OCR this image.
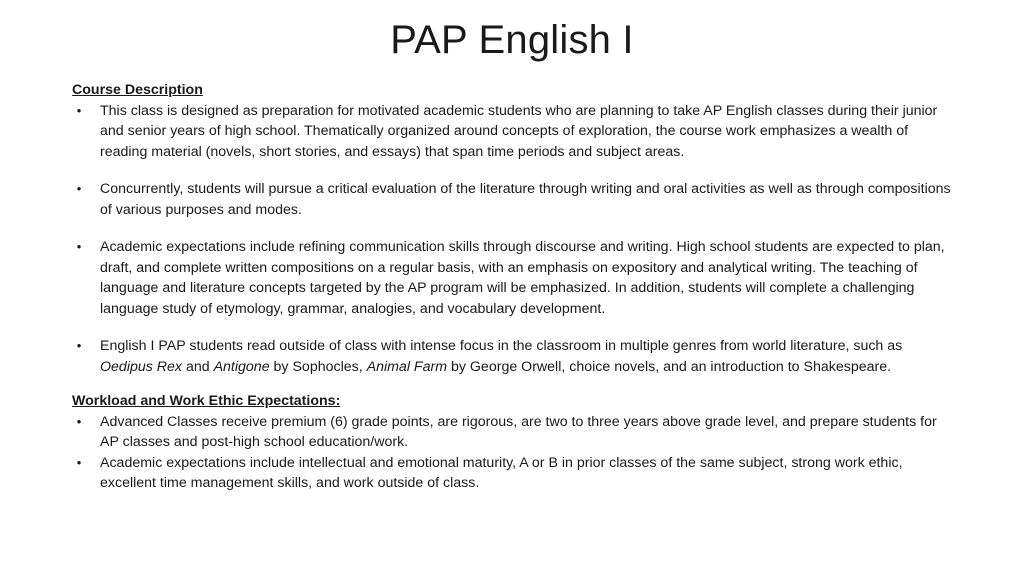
PAP English I
Course Description
•	This class is designed as preparation for motivated academic students who are planning to take AP English classes during their junior and senior years of high school. Thematically organized around concepts of exploration, the course work emphasizes a wealth of reading material (novels, short stories, and essays) that span time periods and subject areas.
•	Concurrently, students will pursue a critical evaluation of the literature through writing and oral activities as well as through compositions of various purposes and modes.
•	Academic expectations include refining communication skills through discourse and writing. High school students are expected to plan, draft, and complete written compositions on a regular basis, with an emphasis on expository and analytical writing. The teaching of language and literature concepts targeted by the AP program will be emphasized. In addition, students will complete a challenging language study of etymology, grammar, analogies, and vocabulary development.
•	English I PAP students read outside of class with intense focus in the classroom in multiple genres from world literature, such as Oedipus Rex and Antigone by Sophocles, Animal Farm by George Orwell, choice novels, and an introduction to Shakespeare.
Workload and Work Ethic Expectations:
•	Advanced Classes receive premium (6) grade points, are rigorous, are two to three years above grade level, and prepare students for AP classes and post-high school education/work.
•	Academic expectations include intellectual and emotional maturity, A or B in prior classes of the same subject, strong work ethic, excellent time management skills, and work outside of class.
